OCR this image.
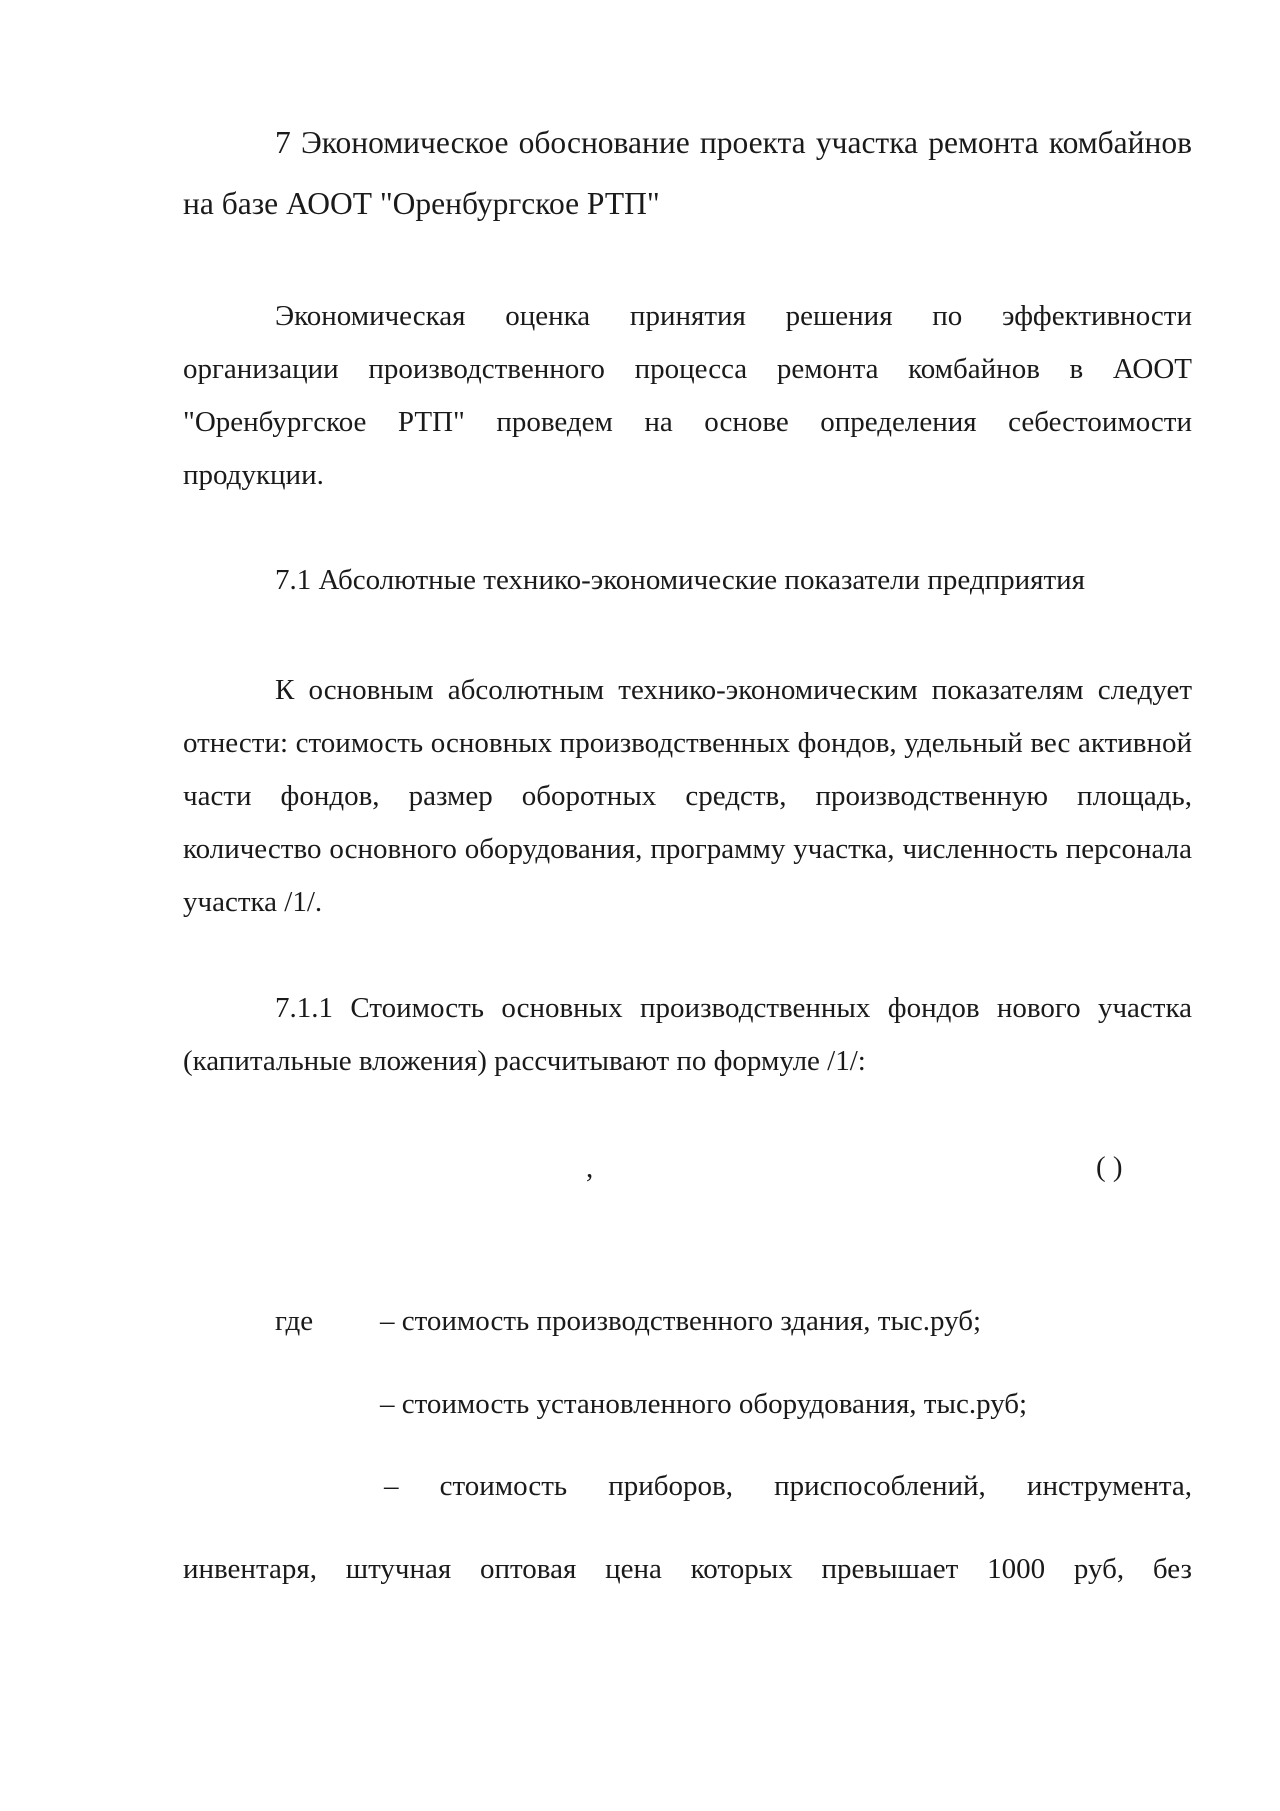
7 Экономическое обоснование проекта участка ремонта комбайнов на базе АООТ "Оренбургское РТП"

Экономическая оценка принятия решения по эффективности организации производственного процесса ремонта комбайнов в АООТ "Оренбургское РТП" проведем на основе определения себестоимости продукции.

7.1 Абсолютные технико-экономические показатели предприятия

К основным абсолютным технико-экономическим показателям следует отнести: стоимость основных производственных фондов, удельный вес активной части фондов, размер оборотных средств, производственную площадь, количество основного оборудования, программу участка, численность персонала участка /1/.

7.1.1 Стоимость основных производственных фондов нового участка (капитальные вложения) рассчитывают по формуле /1/:

,	( )
где – стоимость производственного здания, тыс.руб;
– стоимость установленного оборудования, тыс.руб;
– стоимость приборов, приспособлений, инструмента,
инвентаря, штучная оптовая цена которых превышает 1000 руб, без
